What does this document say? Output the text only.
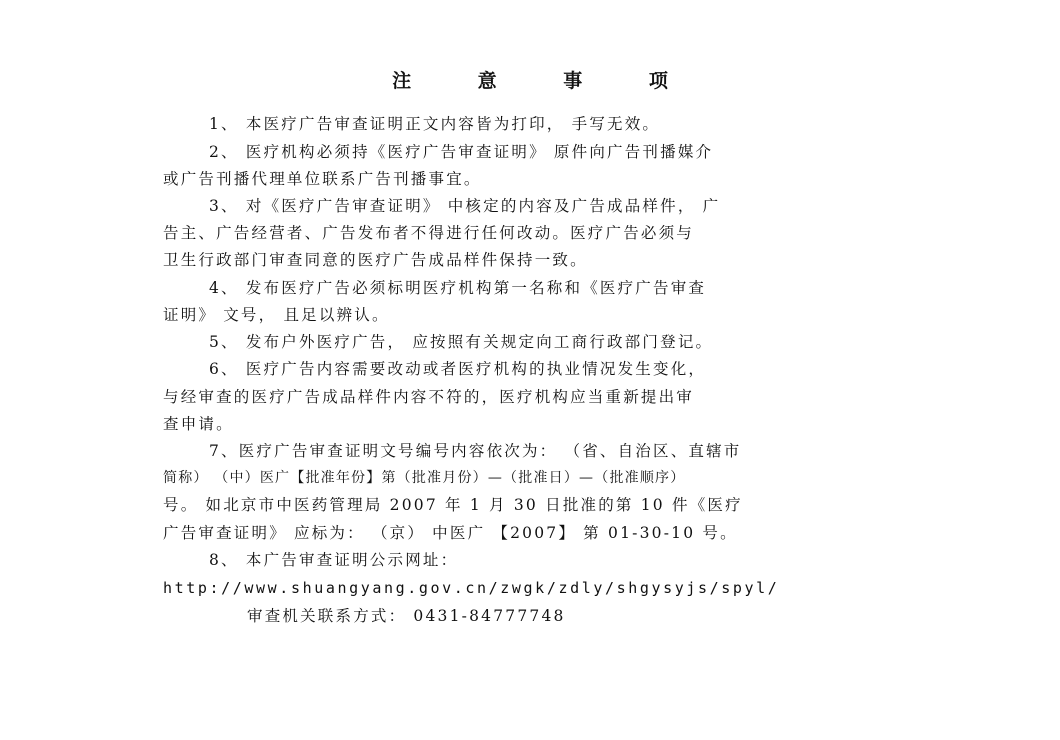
注 意 事 项
1、 本医疗广告审查证明正文内容皆为打印， 手写无效。
2、 医疗机构必须持《医疗广告审查证明》 原件向广告刊播媒介
或广告刊播代理单位联系广告刊播事宜。
3、 对《医疗广告审查证明》 中核定的内容及广告成品样件， 广
告主、广告经营者、广告发布者不得进行任何改动。医疗广告必须与
卫生行政部门审查同意的医疗广告成品样件保持一致。
4、 发布医疗广告必须标明医疗机构第一名称和《医疗广告审查
证明》 文号， 且足以辨认。
5、 发布户外医疗广告， 应按照有关规定向工商行政部门登记。
6、 医疗广告内容需要改动或者医疗机构的执业情况发生变化，
与经审查的医疗广告成品样件内容不符的，医疗机构应当重新提出审
查申请。
7、医疗广告审查证明文号编号内容依次为： （省、自治区、直辖市
简称） （中）医广【批准年份】第（批准月份）—（批准日）—（批准顺序）
号。 如北京市中医药管理局 2007 年 1 月 30 日批准的第 10 件《医疗
广告审查证明》 应标为： （京） 中医广 【2007】 第 01-30-10 号。
8、 本广告审查证明公示网址：
http://www.shuangyang.gov.cn/zwgk/zdly/shgysyjs/spyl/
审查机关联系方式： 0431-84777748
